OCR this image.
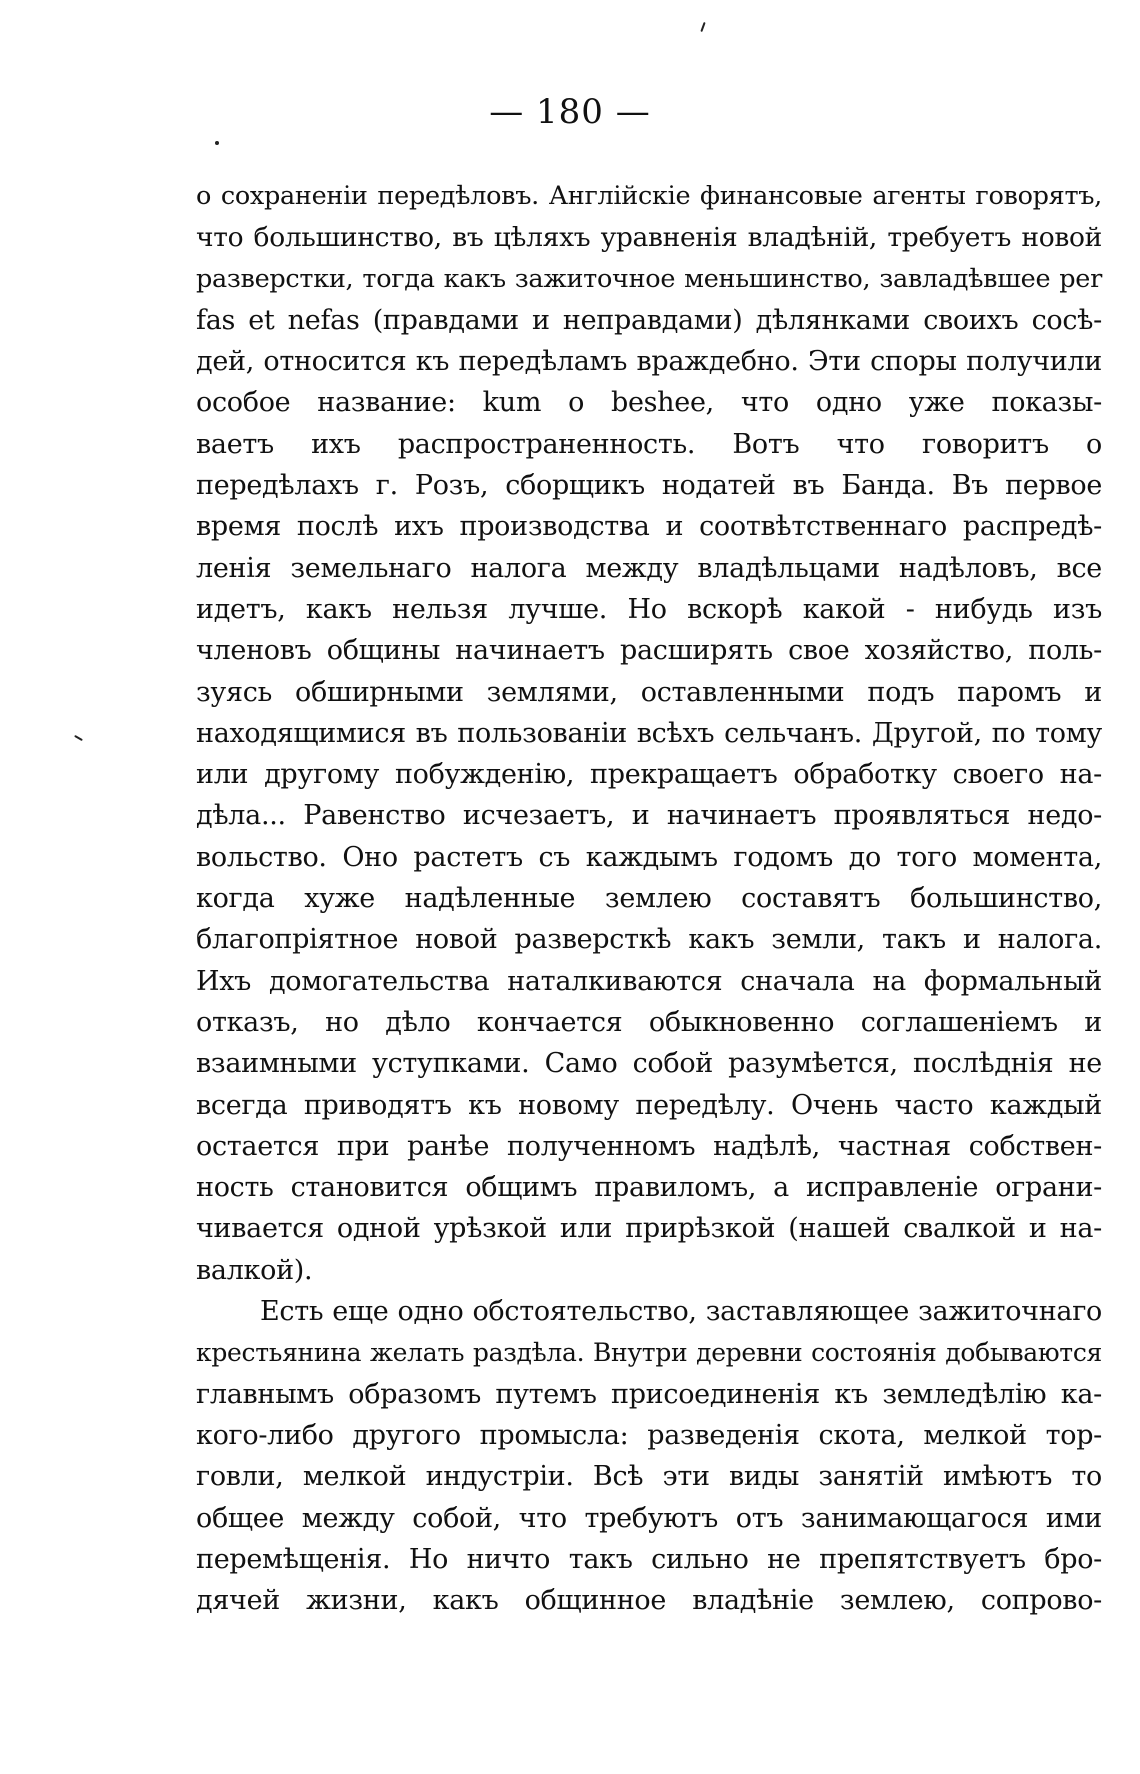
— 180 —
о сохраненіи передѣловъ. Англійскіе финансовые агенты говорятъ,
что большинство, въ цѣляхъ уравненія владѣній, требуетъ новой
разверстки, тогда какъ зажиточное меньшинство, завладѣвшее per
fas et nefas (правдами и неправдами) дѣлянками своихъ сосѣ-
дей, относится къ передѣламъ враждебно. Эти споры получили
особое название: kum o beshee, что одно уже показы-
ваетъ ихъ распространенность. Вотъ что говоритъ о
передѣлахъ г. Розъ, сборщикъ нодатей въ Банда. Въ первое
время послѣ ихъ производства и соотвѣтственнаго распредѣ-
ленія земельнаго налога между владѣльцами надѣловъ, все
идетъ, какъ нельзя лучше. Но вскорѣ какой - нибудь изъ
членовъ общины начинаетъ расширять свое хозяйство, поль-
зуясь обширными землями, оставленными подъ паромъ и
находящимися въ пользованіи всѣхъ сельчанъ. Другой, по тому
или другому побужденію, прекращаетъ обработку своего на-
дѣла... Равенство исчезаетъ, и начинаетъ проявляться недо-
вольство. Оно растетъ съ каждымъ годомъ до того момента,
когда хуже надѣленные землею составятъ большинство,
благопріятное новой разверсткѣ какъ земли, такъ и налога.
Ихъ домогательства наталкиваются сначала на формальный
отказъ, но дѣло кончается обыкновенно соглашеніемъ и
взаимными уступками. Само собой разумѣется, послѣднія не
всегда приводятъ къ новому передѣлу. Очень часто каждый
остается при ранѣе полученномъ надѣлѣ, частная собствен-
ность становится общимъ правиломъ, а исправленіе ограни-
чивается одной урѣзкой или прирѣзкой (нашей свалкой и на-
валкой).
Есть еще одно обстоятельство, заставляющее зажиточнаго
крестьянина желать раздѣла. Внутри деревни состоянія добываются
главнымъ образомъ путемъ присоединенія къ земледѣлію ка-
кого-либо другого промысла: разведенія скота, мелкой тор-
говли, мелкой индустріи. Всѣ эти виды занятій имѣютъ то
общее между собой, что требуютъ отъ занимающагося ими
перемѣщенія. Но ничто такъ сильно не препятствуетъ бро-
дячей жизни, какъ общинное владѣніе землею, сопрово-
